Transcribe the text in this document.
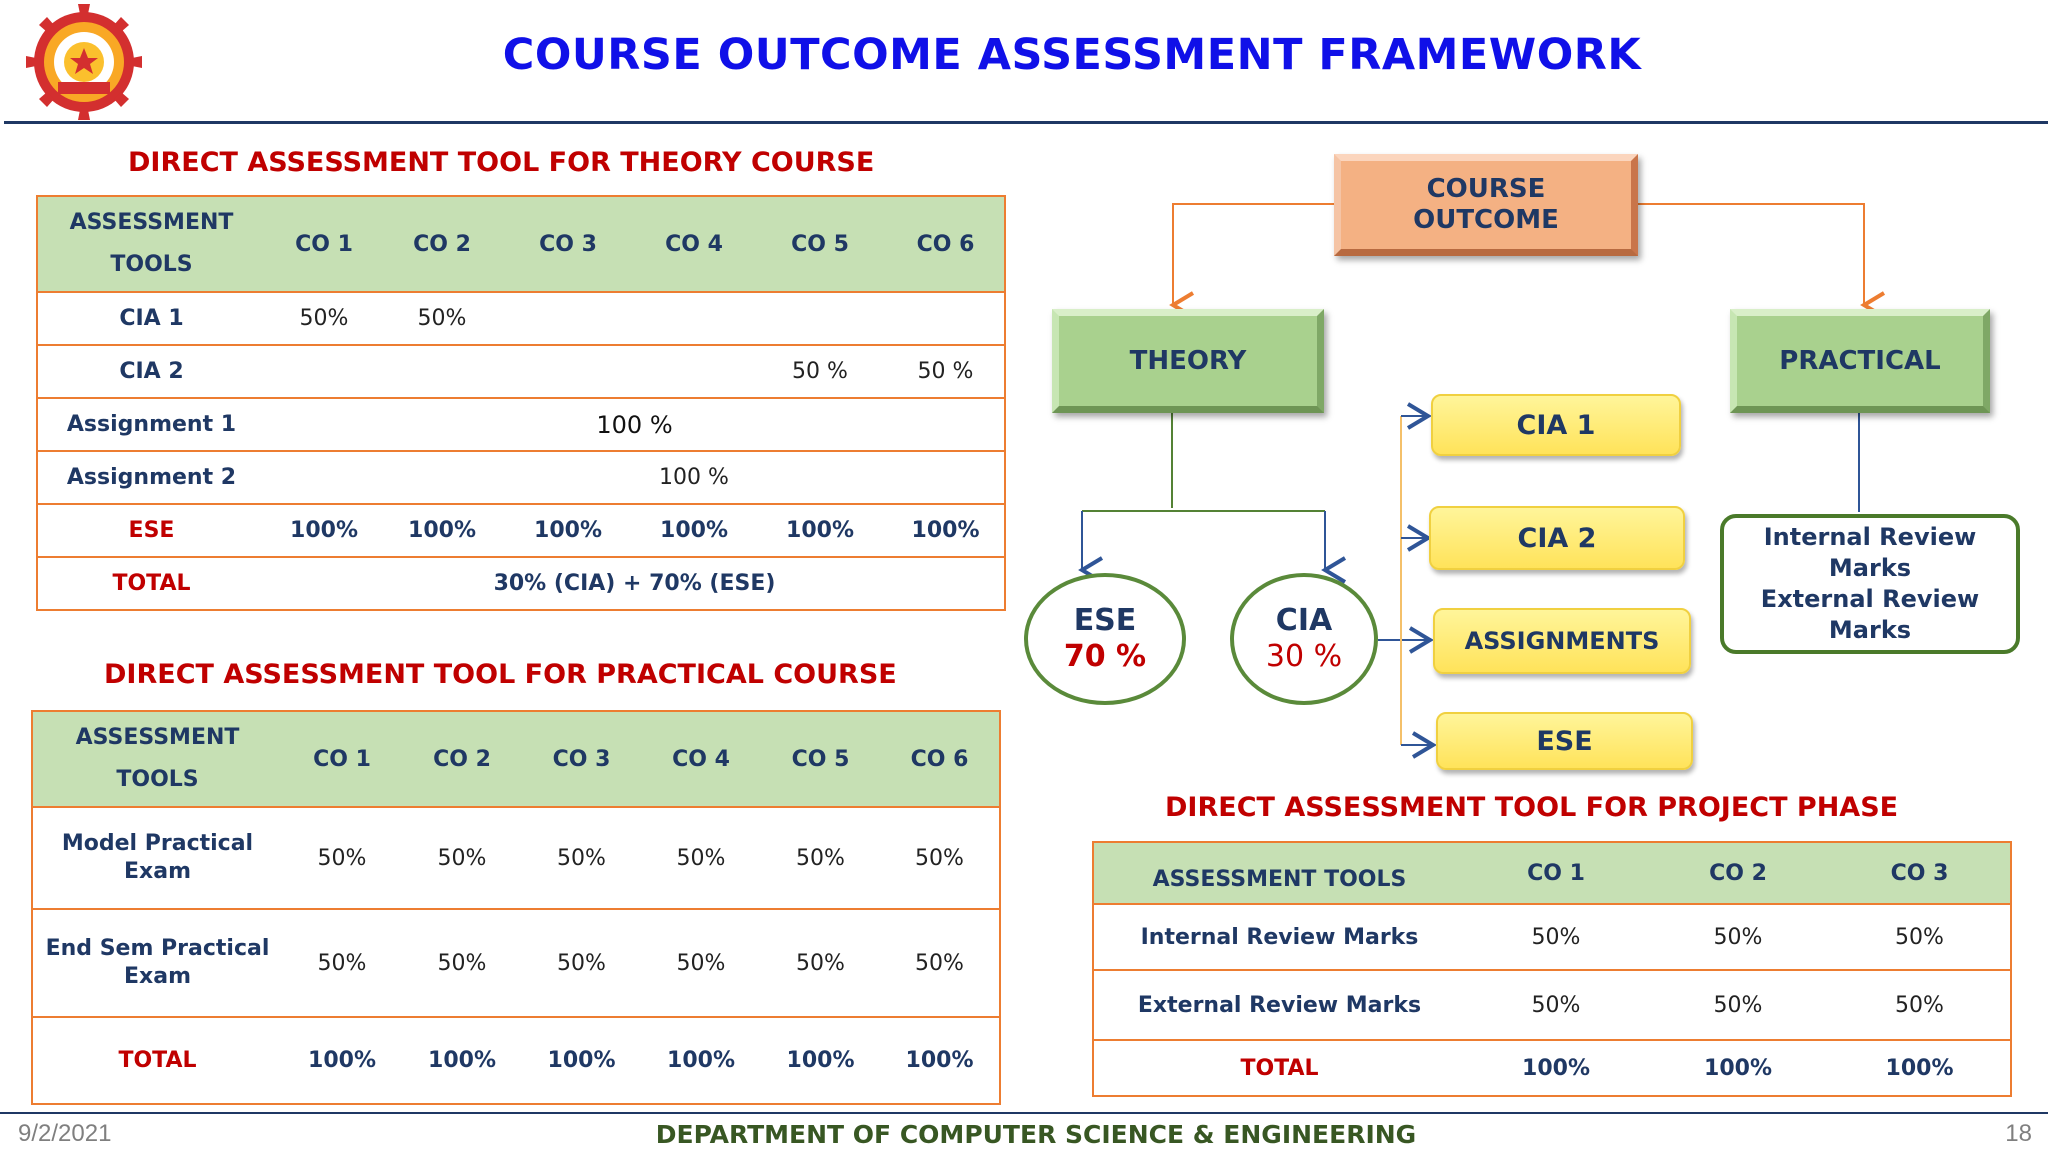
COURSE OUTCOME ASSESSMENT FRAMEWORK
DIRECT ASSESSMENT TOOL FOR THEORY COURSE
ASSESSMENT
TOOLS	CO 1	CO 2	CO 3	CO 4	CO 5	CO 6
CIA 1	50%	50%				
CIA 2					50 %	50 %
Assignment 1	100 %					
Assignment 2				100 %		
ESE	100%	100%	100%	100%	100%	100%
TOTAL	30% (CIA) + 70% (ESE)					
DIRECT ASSESSMENT TOOL FOR PRACTICAL COURSE
ASSESSMENT
TOOLS	CO 1	CO 2	CO 3	CO 4	CO 5	CO 6
Model Practical
Exam	50%	50%	50%	50%	50%	50%
End Sem Practical
Exam	50%	50%	50%	50%	50%	50%
TOTAL	100%	100%	100%	100%	100%	100%
DIRECT ASSESSMENT TOOL FOR PROJECT PHASE
ASSESSMENT TOOLS	CO 1	CO 2	CO 3
Internal Review Marks	50%	50%	50%
External Review Marks	50%	50%	50%
TOTAL	100%	100%	100%
COURSE
OUTCOME
THEORY	PRACTICAL
ESE
70 %
CIA
30 %
CIA 1
CIA 2
ASSIGNMENTS
ESE
Internal Review
Marks
External Review
Marks
9/2/2021	DEPARTMENT OF COMPUTER SCIENCE & ENGINEERING	18
